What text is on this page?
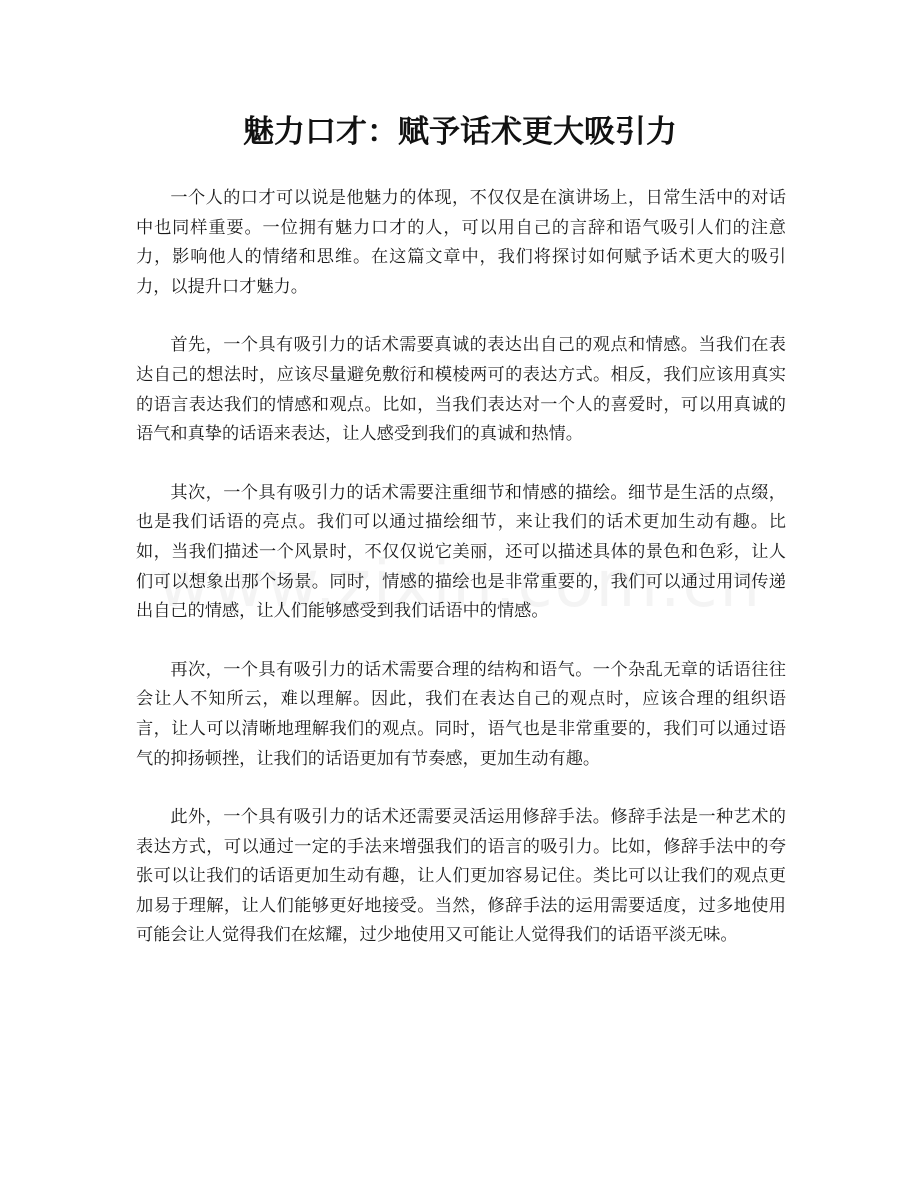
魅力口才：赋予话术更大吸引力

一个人的口才可以说是他魅力的体现，不仅仅是在演讲场上，日常生活中的对话中也同样重要。一位拥有魅力口才的人，可以用自己的言辞和语气吸引人们的注意力，影响他人的情绪和思维。在这篇文章中，我们将探讨如何赋予话术更大的吸引力，以提升口才魅力。

首先，一个具有吸引力的话术需要真诚的表达出自己的观点和情感。当我们在表达自己的想法时，应该尽量避免敷衍和模棱两可的表达方式。相反，我们应该用真实的语言表达我们的情感和观点。比如，当我们表达对一个人的喜爱时，可以用真诚的语气和真挚的话语来表达，让人感受到我们的真诚和热情。

其次，一个具有吸引力的话术需要注重细节和情感的描绘。细节是生活的点缀，也是我们话语的亮点。我们可以通过描绘细节，来让我们的话术更加生动有趣。比如，当我们描述一个风景时，不仅仅说它美丽，还可以描述具体的景色和色彩，让人们可以想象出那个场景。同时，情感的描绘也是非常重要的，我们可以通过用词传递出自己的情感，让人们能够感受到我们话语中的情感。

再次，一个具有吸引力的话术需要合理的结构和语气。一个杂乱无章的话语往往会让人不知所云，难以理解。因此，我们在表达自己的观点时，应该合理的组织语言，让人可以清晰地理解我们的观点。同时，语气也是非常重要的，我们可以通过语气的抑扬顿挫，让我们的话语更加有节奏感，更加生动有趣。

此外，一个具有吸引力的话术还需要灵活运用修辞手法。修辞手法是一种艺术的表达方式，可以通过一定的手法来增强我们的语言的吸引力。比如，修辞手法中的夸张可以让我们的话语更加生动有趣，让人们更加容易记住。类比可以让我们的观点更加易于理解，让人们能够更好地接受。当然，修辞手法的运用需要适度，过多地使用可能会让人觉得我们在炫耀，过少地使用又可能让人觉得我们的话语平淡无味。
